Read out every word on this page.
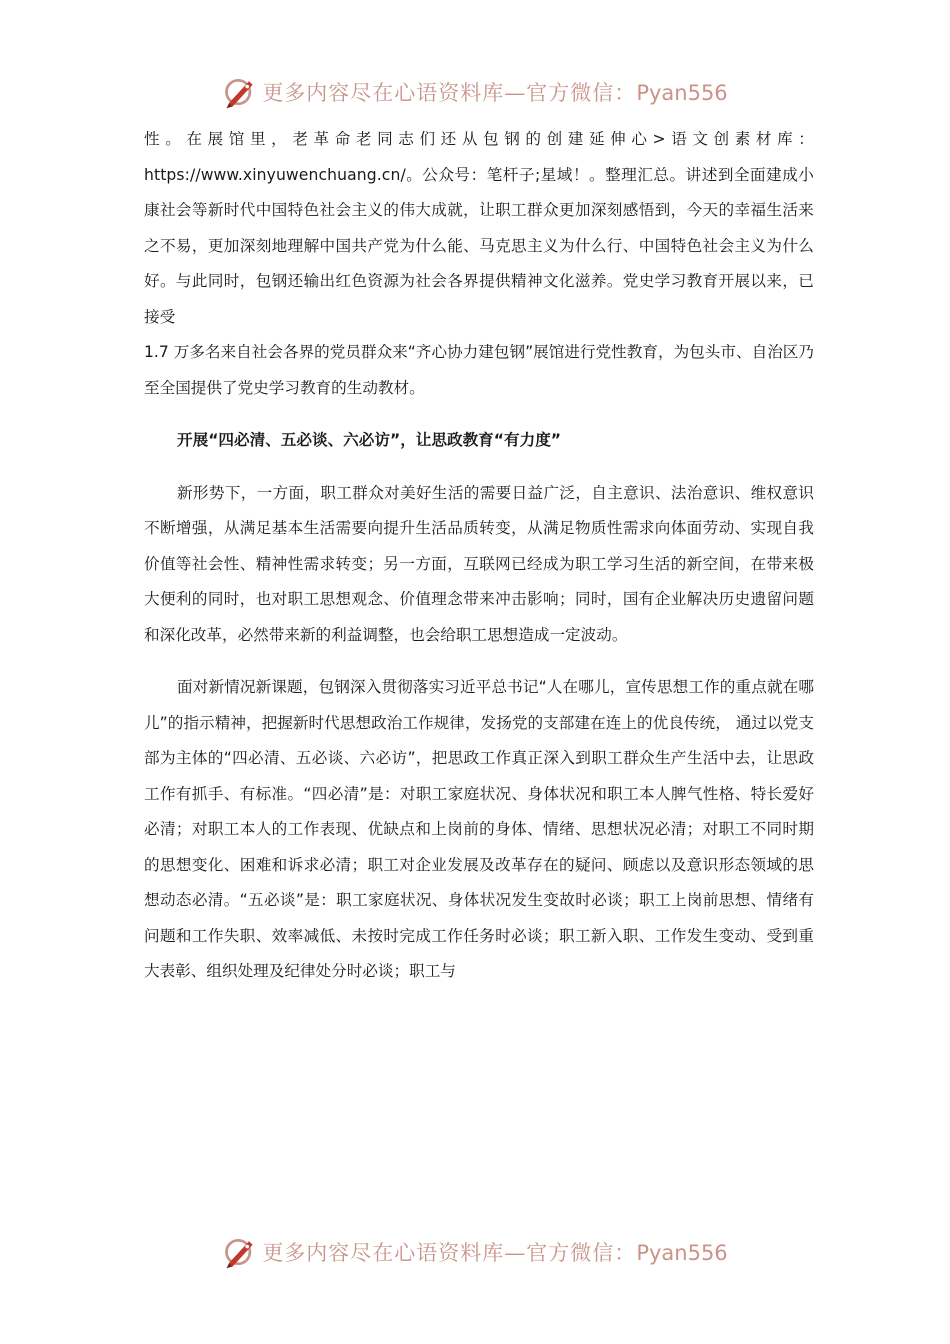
更多内容尽在心语资料库—官方微信：Pyan556

性。在展馆里，老革命老同志们还从包钢的创建延伸心>语文创素材库：https://www.xinyuwenchuang.cn/。公众号：笔杆子;星域！。整理汇总。讲述到全面建成小康社会等新时代中国特色社会主义的伟大成就，让职工群众更加深刻感悟到，今天的幸福生活来之不易，更加深刻地理解中国共产党为什么能、马克思主义为什么行、中国特色社会主义为什么好。与此同时，包钢还输出红色资源为社会各界提供精神文化滋养。党史学习教育开展以来，已接受

1.7 万多名来自社会各界的党员群众来“齐心协力建包钢”展馆进行党性教育，为包头市、自治区乃至全国提供了党史学习教育的生动教材。

开展“四必清、五必谈、六必访”，让思政教育“有力度”

新形势下，一方面，职工群众对美好生活的需要日益广泛，自主意识、法治意识、维权意识不断增强，从满足基本生活需要向提升生活品质转变，从满足物质性需求向体面劳动、实现自我价值等社会性、精神性需求转变；另一方面，互联网已经成为职工学习生活的新空间，在带来极大便利的同时，也对职工思想观念、价值理念带来冲击影响；同时，国有企业解决历史遗留问题和深化改革，必然带来新的利益调整，也会给职工思想造成一定波动。

面对新情况新课题，包钢深入贯彻落实习近平总书记“人在哪儿，宣传思想工作的重点就在哪儿”的指示精神，把握新时代思想政治工作规律，发扬党的支部建在连上的优良传统， 通过以党支部为主体的“四必清、五必谈、六必访”，把思政工作真正深入到职工群众生产生活中去，让思政工作有抓手、有标准。“四必清”是：对职工家庭状况、身体状况和职工本人脾气性格、特长爱好必清；对职工本人的工作表现、优缺点和上岗前的身体、情绪、思想状况必清；对职工不同时期的思想变化、困难和诉求必清；职工对企业发展及改革存在的疑问、顾虑以及意识形态领域的思想动态必清。“五必谈”是：职工家庭状况、身体状况发生变故时必谈；职工上岗前思想、情绪有问题和工作失职、效率减低、未按时完成工作任务时必谈；职工新入职、工作发生变动、受到重大表彰、组织处理及纪律处分时必谈；职工与

更多内容尽在心语资料库—官方微信：Pyan556
